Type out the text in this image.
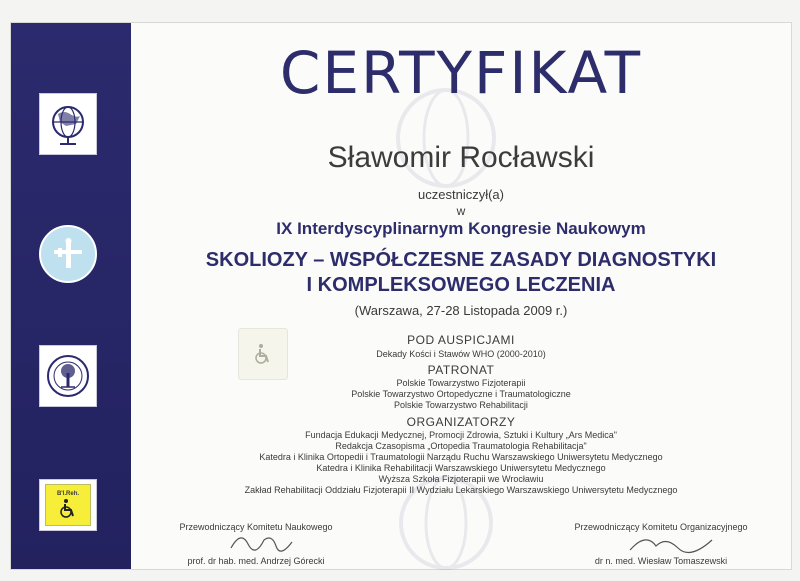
B'I.Reh.
CERTYFIKAT
Sławomir Rocławski
uczestniczył(a)
w
IX Interdyscyplinarnym Kongresie Naukowym
SKOLIOZY – WSPÓŁCZESNE ZASADY DIAGNOSTYKI
I KOMPLEKSOWEGO LECZENIA
(Warszawa, 27-28 Listopada 2009 r.)
POD AUSPICJAMI
Dekady Kości i Stawów WHO (2000-2010)
PATRONAT
Polskie Towarzystwo Fizjoterapii
Polskie Towarzystwo Ortopedyczne i Traumatologiczne
Polskie Towarzystwo Rehabilitacji
ORGANIZATORZY
Fundacja Edukacji Medycznej, Promocji Zdrowia, Sztuki i Kultury „Ars Medica"
Redakcja Czasopisma „Ortopedia Traumatologia Rehabilitacja"
Katedra i Klinika Ortopedii i Traumatologii Narządu Ruchu Warszawskiego Uniwersytetu Medycznego
Katedra i Klinika Rehabilitacji Warszawskiego Uniwersytetu Medycznego
Wyższa Szkoła Fizjoterapii we Wrocławiu
Zakład Rehabilitacji Oddziału Fizjoterapii II Wydziału Lekarskiego Warszawskiego Uniwersytetu Medycznego
Przewodniczący Komitetu Naukowego
prof. dr hab. med. Andrzej Górecki
Przewodniczący Komitetu Organizacyjnego
dr n. med. Wiesław Tomaszewski
